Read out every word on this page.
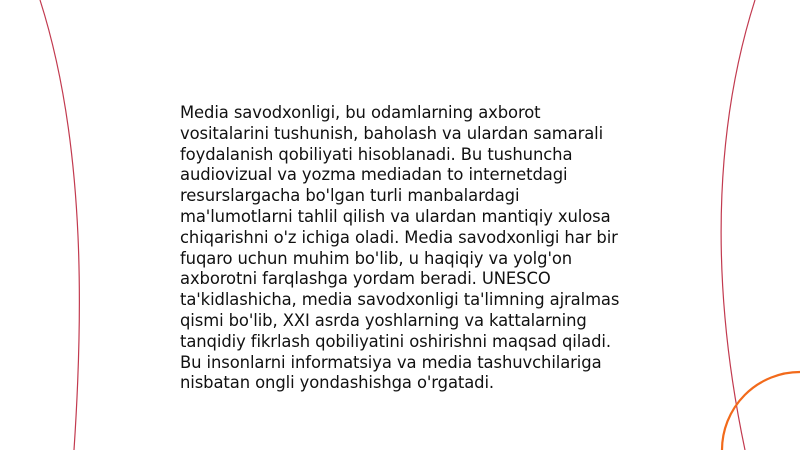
Media savodxonligi, bu odamlarning axborot
vositalarini tushunish, baholash va ulardan samarali
foydalanish qobiliyati hisoblanadi. Bu tushuncha
audiovizual va yozma mediadan to internetdagi
resurslargacha bo'lgan turli manbalardagi
ma'lumotlarni tahlil qilish va ulardan mantiqiy xulosa
chiqarishni o'z ichiga oladi. Media savodxonligi har bir
fuqaro uchun muhim bo'lib, u haqiqiy va yolg'on
axborotni farqlashga yordam beradi. UNESCO
ta'kidlashicha, media savodxonligi ta'limning ajralmas
qismi bo'lib, XXI asrda yoshlarning va kattalarning
tanqidiy fikrlash qobiliyatini oshirishni maqsad qiladi.
Bu insonlarni informatsiya va media tashuvchilariga
nisbatan ongli yondashishga o'rgatadi.
